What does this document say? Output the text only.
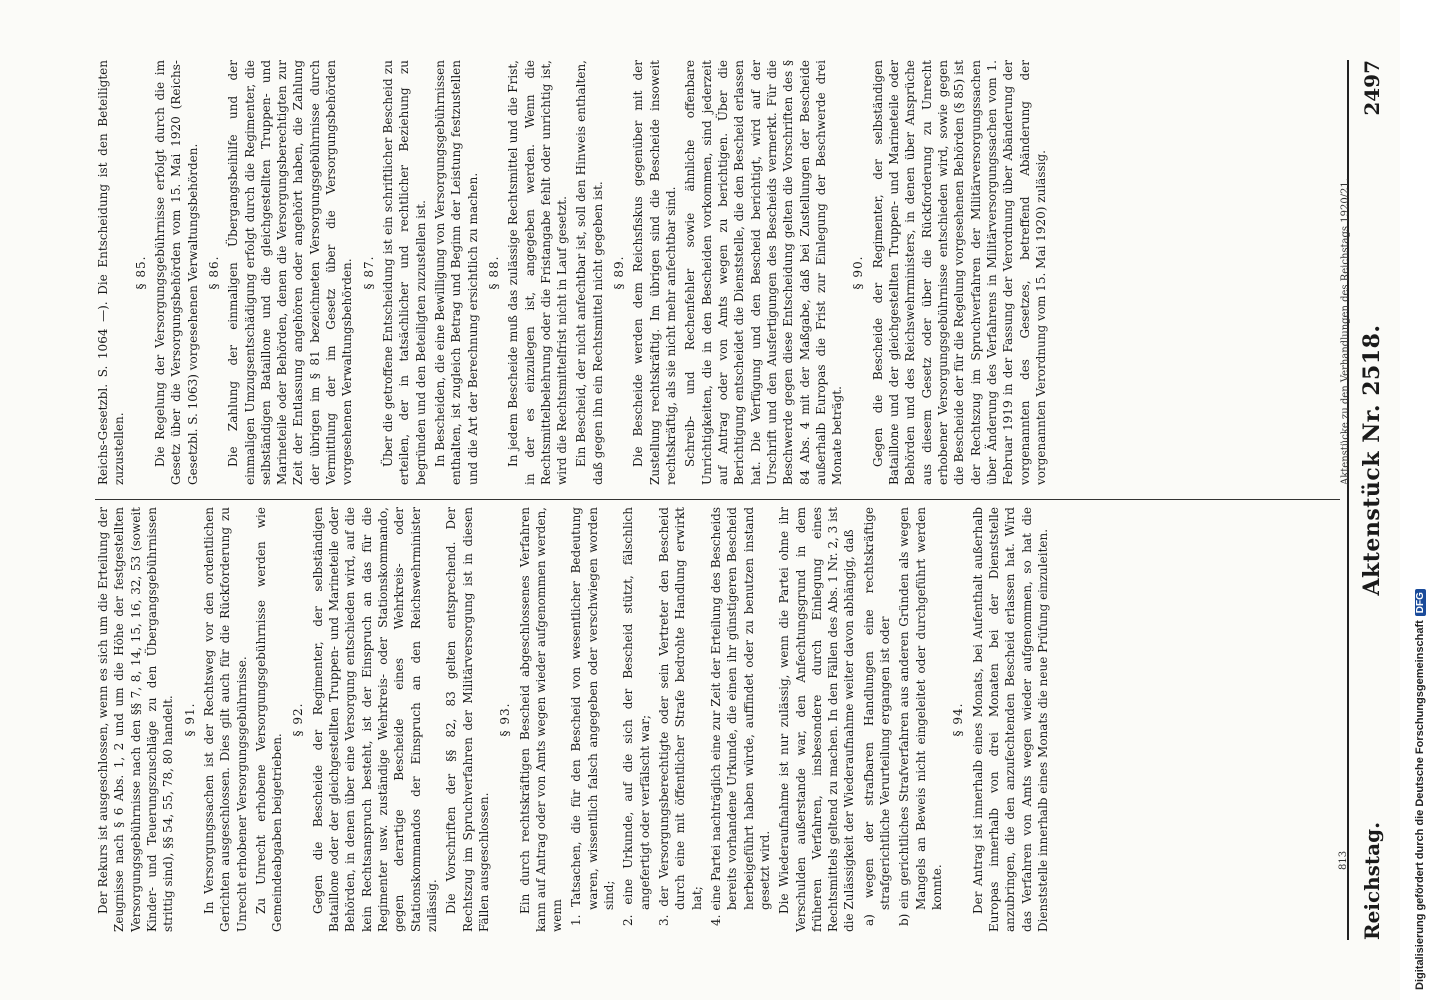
Reichstag.
Aktenstück Nr. 2518.
2497

Reichs-Gesetzbl. S. 1064 —). Die Entscheidung ist den Beteiligten zuzustellen.

§ 85. Die Regelung der Versorgungsgebührnisse erfolgt durch die im Gesetz über die Versorgungsbehörden vom 15. Mai 1920 (Reichs-Gesetzbl. S. 1063) vorgesehenen Verwaltungsbehörden. § 86. Die Zahlung der einmaligen Übergangsbeihilfe und der einmaligen Umzugsentschädigung erfolgt durch die Regimenter, die selbständigen Bataillone und die gleichgestellten Truppen- und Marineteile oder Behörden, denen die Versorgungsberechtigten zur Zeit der Entlassung angehören oder angehört haben, die Zahlung der übrigen im § 81 bezeichneten Versorgungsgebührnisse durch Vermittlung der im Gesetz über die Versorgungsbehörden vorgesehenen Verwaltungsbehörden. § 87. Über die getroffene Entscheidung ist ein schriftlicher Bescheid zu erteilen, der in tatsächlicher und rechtlicher Beziehung zu begründen und den Beteiligten zuzustellen ist. In Bescheiden, die eine Bewilligung von Versorgungsgebührnissen enthalten, ist zugleich Betrag und Beginn der Leistung festzustellen und die Art der Berechnung ersichtlich zu machen. § 88. In jedem Bescheide muß das zulässige Rechtsmittel und die Frist, in der es einzulegen ist, angegeben werden. Wenn die Rechtsmittelbelehrung oder die Fristangabe fehlt oder unrichtig ist, wird die Rechtsmittelfrist nicht in Lauf gesetzt. Ein Bescheid, der nicht anfechtbar ist, soll den Hinweis enthalten, daß gegen ihn ein Rechtsmittel nicht gegeben ist. § 89. Die Bescheide werden dem Reichsfiskus gegenüber mit der Zustellung rechtskräftig. Im übrigen sind die Bescheide insoweit rechtskräftig, als sie nicht mehr anfechtbar sind. Schreib- und Rechenfehler sowie ähnliche offenbare Unrichtigkeiten, die in den Bescheiden vorkommen, sind jederzeit auf Antrag oder von Amts wegen zu berichtigen. Über die Berichtigung entscheidet die Dienststelle, die den Bescheid erlassen hat. Die Verfügung und den Bescheid berichtigt, wird auf der Urschrift und den Ausfertigungen des Bescheids vermerkt. Für die Beschwerde gegen diese Entscheidung gelten die Vorschriften des § 84 Abs. 4 mit der Maßgabe, daß bei Zustellungen der Bescheide außerhalb Europas die Frist zur Einlegung der Beschwerde drei Monate beträgt.

§ 90. Gegen die Bescheide der Regimenter, der selbständigen Bataillone und der gleichgestellten Truppen- und Marineteile oder Behörden und des Reichswehrministers, in denen über Ansprüche aus diesem Gesetz oder über die Rückforderung zu Unrecht erhobener Versorgungsgebührnisse entschieden wird, sowie gegen die Bescheide der für die Regelung vorgesehenen Behörden (§ 85) ist der Rechtszug im Spruchverfahren der Militärversorgungssachen über Änderung des Verfahrens in Militärversorgungssachen vom 1. Februar 1919 in der Fassung der Verordnung über Abänderung der vorgenannten des Gesetzes, betreffend Abänderung der vorgenannten Verordnung vom 15. Mai 1920) zulässig.

Der Rekurs ist ausgeschlossen, wenn es sich um die Erteilung der Zeugnisse nach § 6 Abs. 1, 2 und um die Höhe der festgestellten Versorgungsgebührnisse nach den §§ 7, 8, 14, 15, 16, 32, 53 (soweit Kinder- und Teuerungszuschläge zu den Übergangsgebührnissen strittig sind), §§ 54, 55, 78, 80 handelt. § 91. In Versorgungssachen ist der Rechtsweg vor den ordentlichen Gerichten ausgeschlossen. Dies gilt auch für die Rückforderung zu Unrecht erhobener Versorgungsgebührnisse. Zu Unrecht erhobene Versorgungsgebührnisse werden wie Gemeindeabgaben beigetrieben.

§ 92. Gegen die Bescheide der Regimenter, der selbständigen Bataillone oder der gleichgestellten Truppen- und Marineteile oder Behörden, in denen über eine Versorgung entschieden wird, auf die kein Rechtsanspruch besteht, ist der Einspruch an das für die Regimenter usw. zuständige Wehrkreis- oder Stationskommando, gegen derartige Bescheide eines Wehrkreis- oder Stationskommandos der Einspruch an den Reichswehrminister zulässig. Die Vorschriften der §§ 82, 83 gelten entsprechend. Der Rechtszug im Spruchverfahren der Militärversorgung ist in diesen Fällen ausgeschlossen.

§ 93. Ein durch rechtskräftigen Bescheid abgeschlossenes Verfahren kann auf Antrag oder von Amts wegen wieder aufgenommen werden, wenn 1. Tatsachen, die für den Bescheid von wesentlicher Bedeutung waren, wissentlich falsch angegeben oder verschwiegen worden sind; 2. eine Urkunde, auf die sich der Bescheid stützt, fälschlich angefertigt oder verfälscht war; 3. der Versorgungsberechtigte oder sein Vertreter den Bescheid durch eine mit öffentlicher Strafe bedrohte Handlung erwirkt hat; 4. eine Partei nachträglich eine zur Zeit der Erteilung des Bescheids bereits vorhandene Urkunde, die einen ihr günstigeren Bescheid herbeigeführt haben würde, auffindet oder zu benutzen instand gesetzt wird. Die Wiederaufnahme ist nur zulässig, wenn die Partei ohne ihr Verschulden außerstande war, den Anfechtungsgrund in dem früheren Verfahren, insbesondere durch Einlegung eines Rechtsmittels geltend zu machen. In den Fällen des Abs. 1 Nr. 2, 3 ist die Zulässigkeit der Wiederaufnahme weiter davon abhängig, daß a) wegen der strafbaren Handlungen eine rechtskräftige strafgerichtliche Verurteilung ergangen ist oder b) ein gerichtliches Strafverfahren aus anderen Gründen als wegen Mangels an Beweis nicht eingeleitet oder durchgeführt werden konnte.
§ 94. Der Antrag ist innerhalb eines Monats, bei Aufenthalt außerhalb Europas innerhalb von drei Monaten bei der Dienststelle anzubringen, die den anzufechtenden Bescheid erlassen hat. Wird das Verfahren von Amts wegen wieder aufgenommen, so hat die Dienststelle innerhalb eines Monats die neue Prüfung einzuleiten.

Aktenstücke zu den Verhandlungen des Reichstags 1920/21.
813	Digitalisierung gefördert durch die Deutsche Forschungsgemeinschaft
DFG
